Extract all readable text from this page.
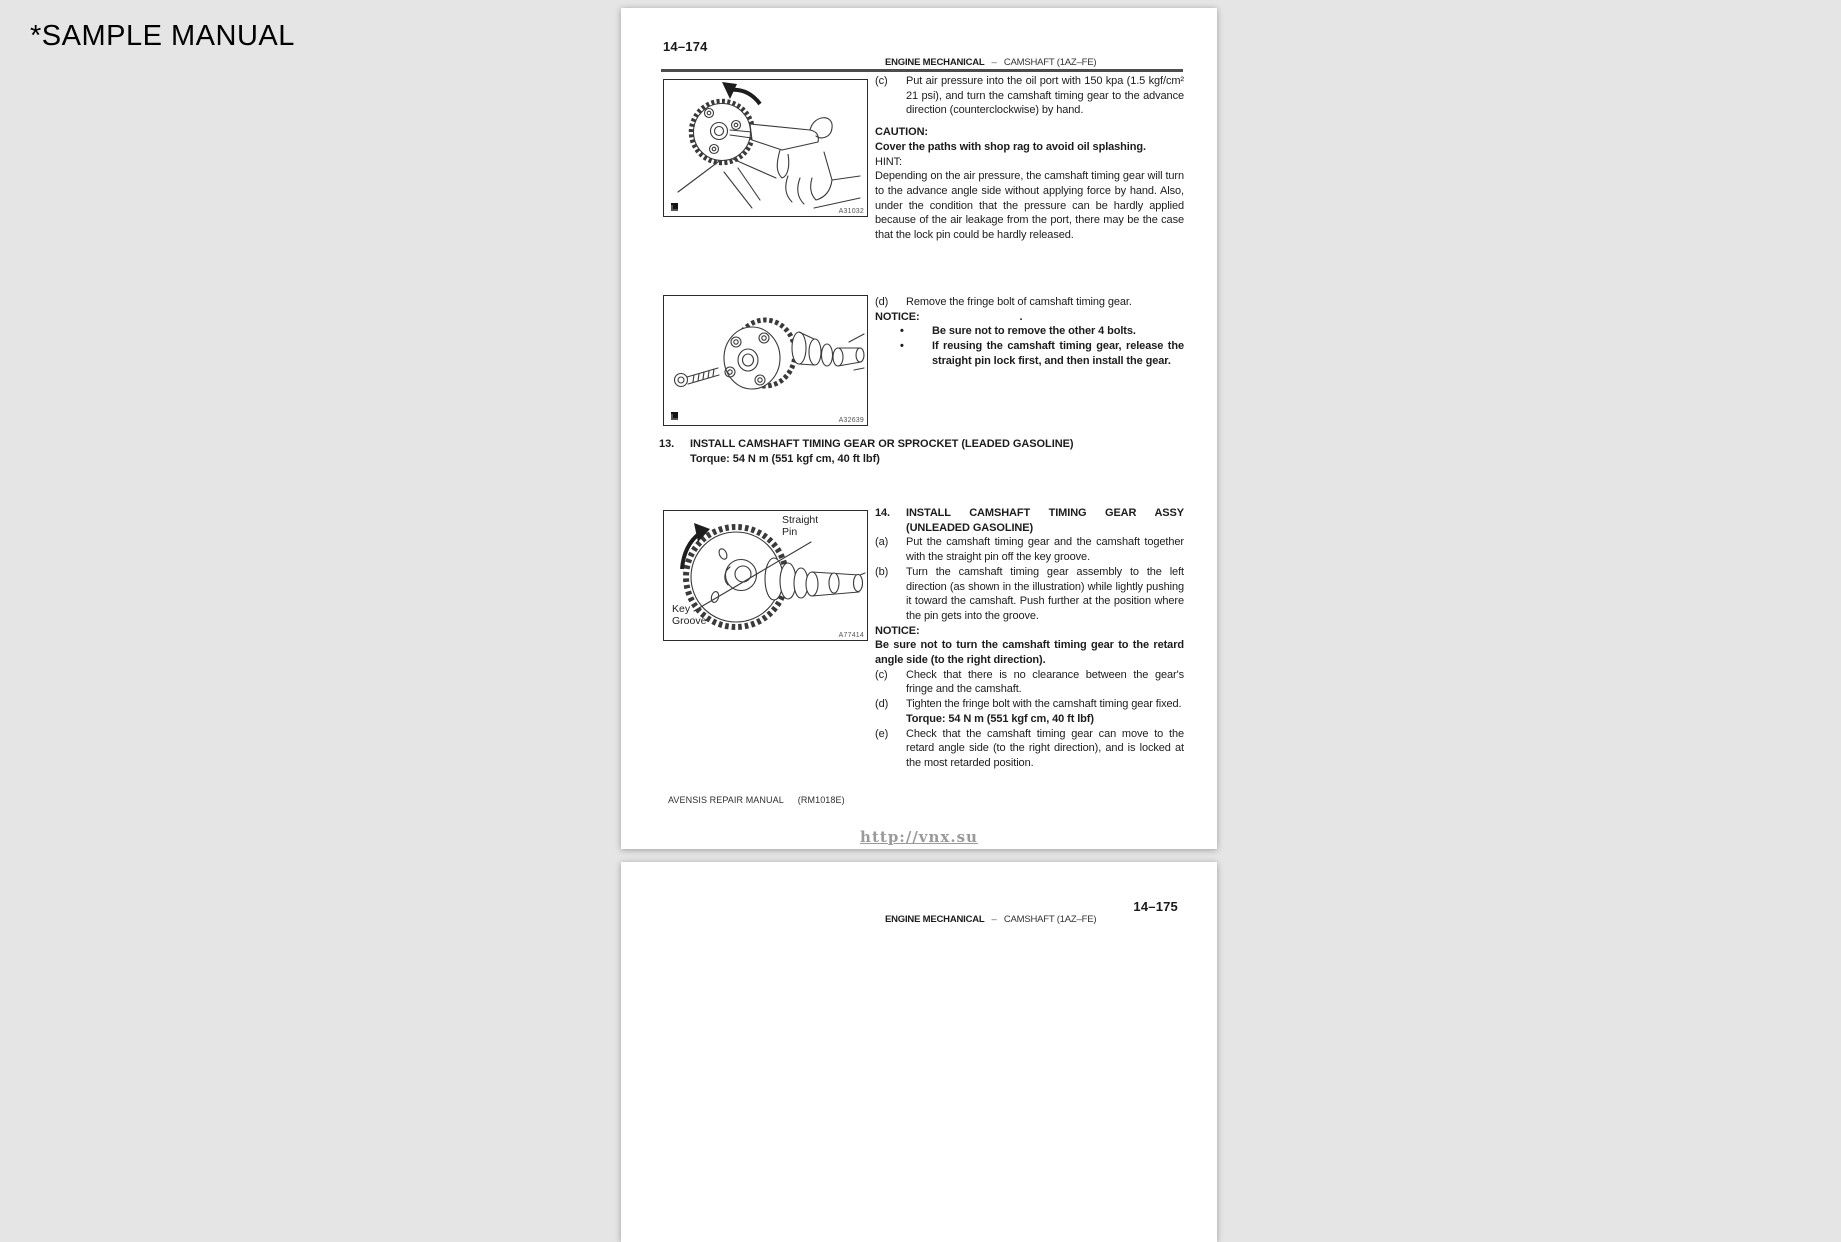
*SAMPLE MANUAL	14–174
ENGINE MECHANICAL – CAMSHAFT (1AZ–FE)
A31032
(c)	Put air pressure into the oil port with 150 kpa (1.5 kgf/cm² 21 psi), and turn the camshaft timing gear to the advance direction (counterclockwise) by hand.
CAUTION:
Cover the paths with shop rag to avoid oil splashing.
HINT:
Depending on the air pressure, the camshaft timing gear will turn to the advance angle side without applying force by hand. Also, under the condition that the pressure can be hardly applied because of the air leakage from the port, there may be the case that the lock pin could be hardly released.
A32639
(d)	Remove the fringe bolt of camshaft timing gear.
NOTICE:	.
•	Be sure not to remove the other 4 bolts.
•	If reusing the camshaft timing gear, release the straight pin lock first, and then install the gear.
13.	INSTALL CAMSHAFT TIMING GEAR OR SPROCKET (LEADED GASOLINE)
Torque: 54 N m (551 kgf cm, 40 ft lbf)
Straight
Pin
Key
Groove
A77414
14.	INSTALL CAMSHAFT TIMING GEAR ASSY (UNLEADED GASOLINE)
(a)	Put the camshaft timing gear and the camshaft together with the straight pin off the key groove.
(b)	Turn the camshaft timing gear assembly to the left direction (as shown in the illustration) while lightly pushing it toward the camshaft. Push further at the position where the pin gets into the groove.
NOTICE:
Be sure not to turn the camshaft timing gear to the retard angle side (to the right direction).
(c)	Check that there is no clearance between the gear's fringe and the camshaft.
(d)	Tighten the fringe bolt with the camshaft timing gear fixed.
Torque: 54 N m (551 kgf cm, 40 ft lbf)
(e)	Check that the camshaft timing gear can move to the retard angle side (to the right direction), and is locked at the most retarded position.
AVENSIS REPAIR MANUAL (RM1018E)
http://vnx.su
14–175
ENGINE MECHANICAL – CAMSHAFT (1AZ–FE)
